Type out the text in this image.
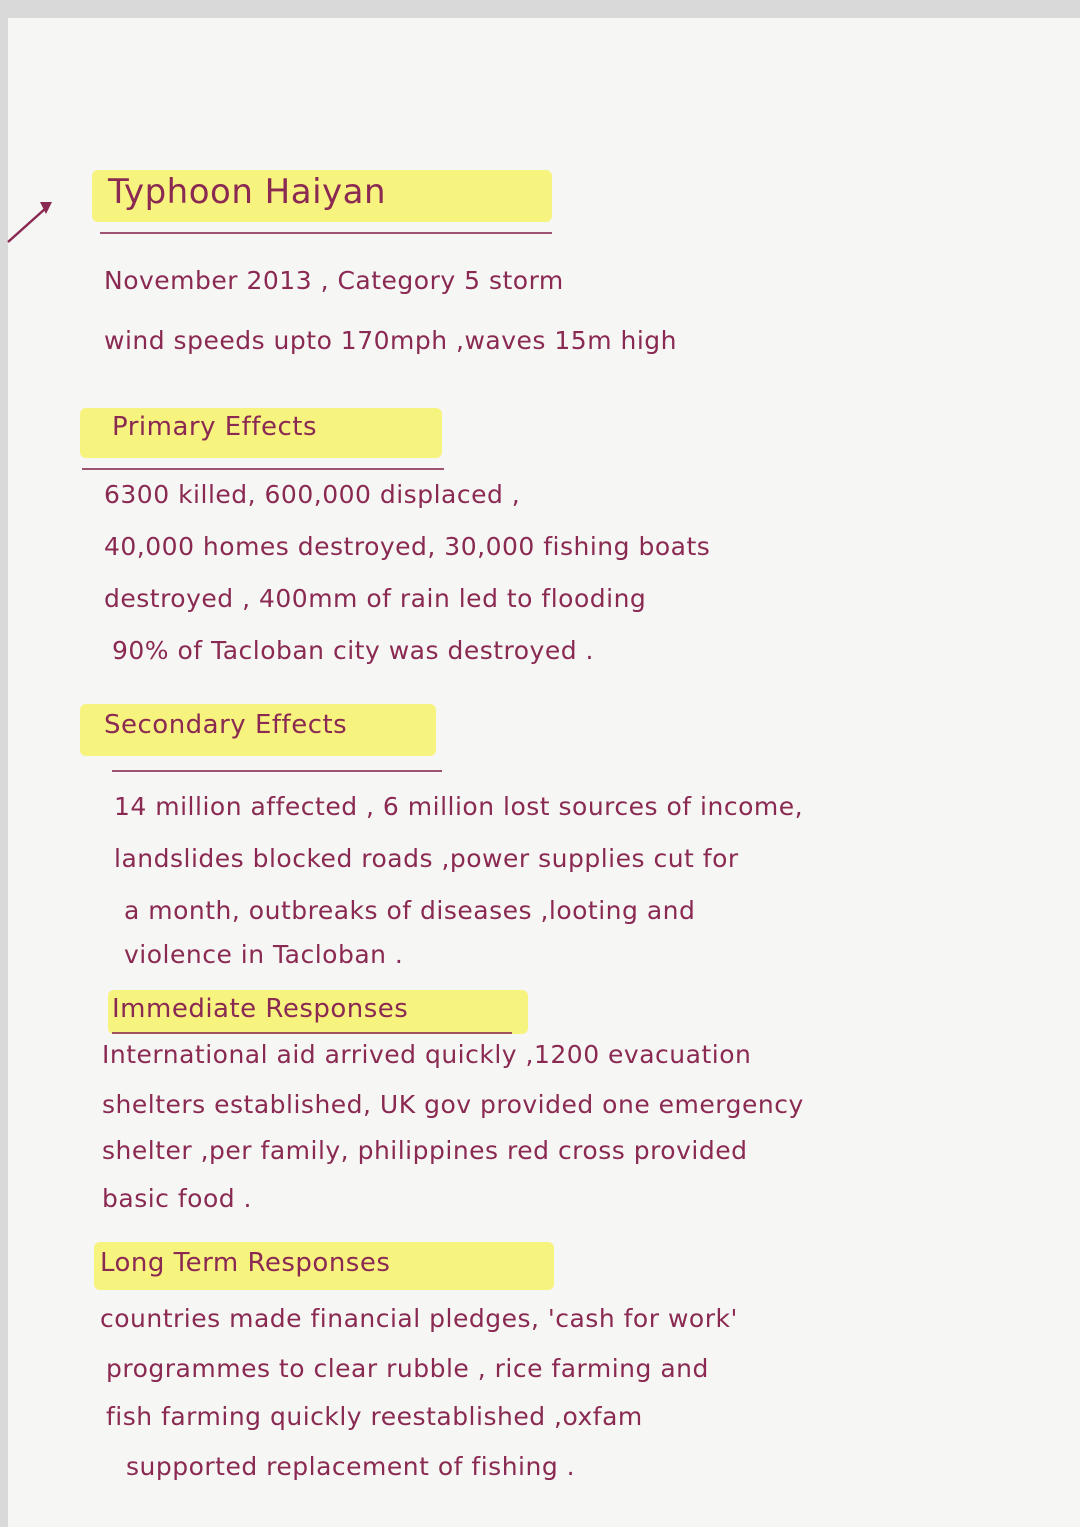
Typhoon Haiyan
November 2013 , Category 5 storm
wind speeds upto 170mph ,waves 15m high
Primary Effects
6300 killed, 600,000 displaced ,
40,000 homes destroyed, 30,000 fishing boats
destroyed , 400mm of rain led to flooding
90% of Tacloban city was destroyed .
Secondary Effects
14 million affected , 6 million lost sources of income,
landslides blocked roads ,power supplies cut for
a month, outbreaks of diseases ,looting and
violence in Tacloban .
Immediate Responses
International aid arrived quickly ,1200 evacuation
shelters established, UK gov provided one emergency
shelter ,per family, philippines red cross provided
basic food .
Long Term Responses
countries made financial pledges, 'cash for work'
programmes to clear rubble , rice farming and
fish farming quickly reestablished ,oxfam
supported replacement of fishing .
